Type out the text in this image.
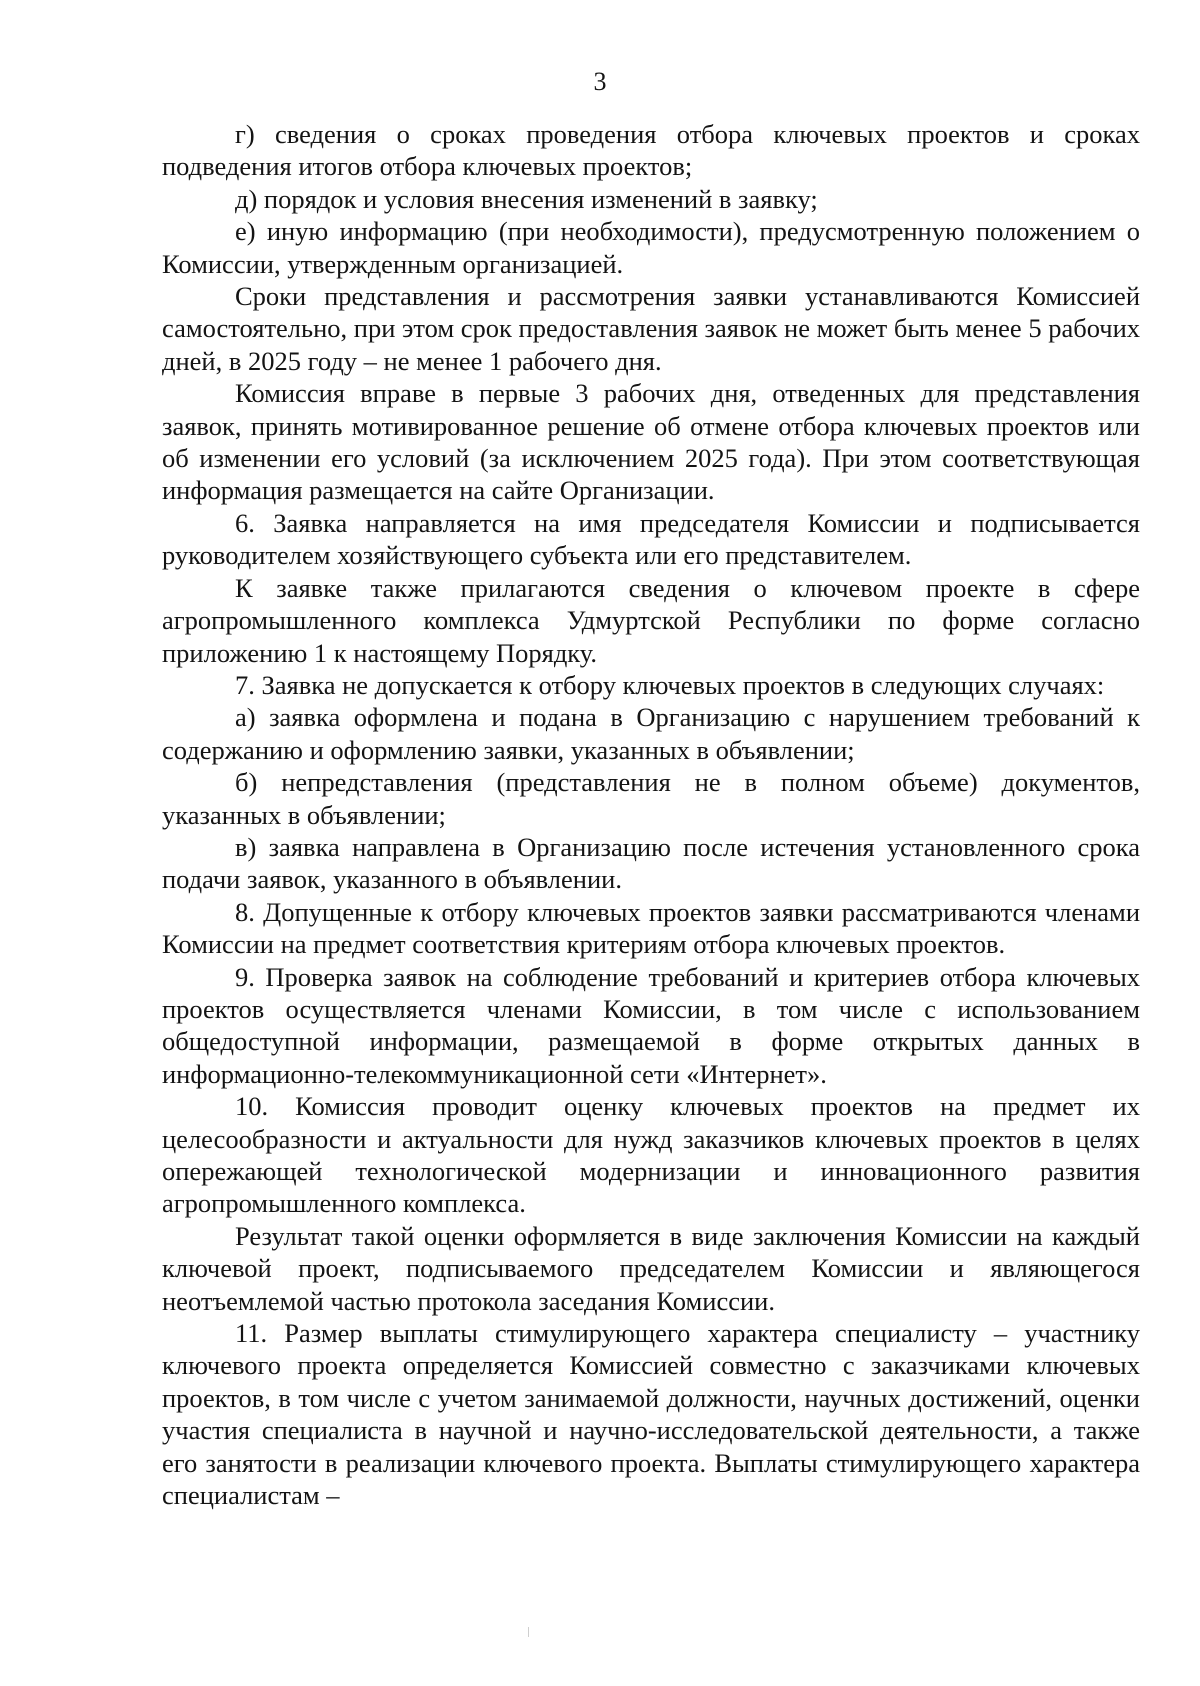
3

г) сведения о сроках проведения отбора ключевых проектов и сроках подведения итогов отбора ключевых проектов;

д) порядок и условия внесения изменений в заявку;

е) иную информацию (при необходимости), предусмотренную положением о Комиссии, утвержденным организацией.

Сроки представления и рассмотрения заявки устанавливаются Комиссией самостоятельно, при этом срок предоставления заявок не может быть менее 5 рабочих дней, в 2025 году – не менее 1 рабочего дня.

Комиссия вправе в первые 3 рабочих дня, отведенных для представления заявок, принять мотивированное решение об отмене отбора ключевых проектов или об изменении его условий (за исключением 2025 года). При этом соответствующая информация размещается на сайте Организации.

6. Заявка направляется на имя председателя Комиссии и подписывается руководителем хозяйствующего субъекта или его представителем.

К заявке также прилагаются сведения о ключевом проекте в сфере агропромышленного комплекса Удмуртской Республики по форме согласно приложению 1 к настоящему Порядку.

7. Заявка не допускается к отбору ключевых проектов в следующих случаях:

а) заявка оформлена и подана в Организацию с нарушением требований к содержанию и оформлению заявки, указанных в объявлении;

б) непредставления (представления не в полном объеме) документов, указанных в объявлении;

в) заявка направлена в Организацию после истечения установленного срока подачи заявок, указанного в объявлении.

8. Допущенные к отбору ключевых проектов заявки рассматриваются членами Комиссии на предмет соответствия критериям отбора ключевых проектов.

9. Проверка заявок на соблюдение требований и критериев отбора ключевых проектов осуществляется членами Комиссии, в том числе с использованием общедоступной информации, размещаемой в форме открытых данных в информационно-телекоммуникационной сети «Интернет».

10. Комиссия проводит оценку ключевых проектов на предмет их целесообразности и актуальности для нужд заказчиков ключевых проектов в целях опережающей технологической модернизации и инновационного развития агропромышленного комплекса.

Результат такой оценки оформляется в виде заключения Комиссии на каждый ключевой проект, подписываемого председателем Комиссии и являющегося неотъемлемой частью протокола заседания Комиссии.

11. Размер выплаты стимулирующего характера специалисту – участнику ключевого проекта определяется Комиссией совместно с заказчиками ключевых проектов, в том числе с учетом занимаемой должности, научных достижений, оценки участия специалиста в научной и научно-исследовательской деятельности, а также его занятости в реализации ключевого проекта. Выплаты стимулирующего характера специалистам –
